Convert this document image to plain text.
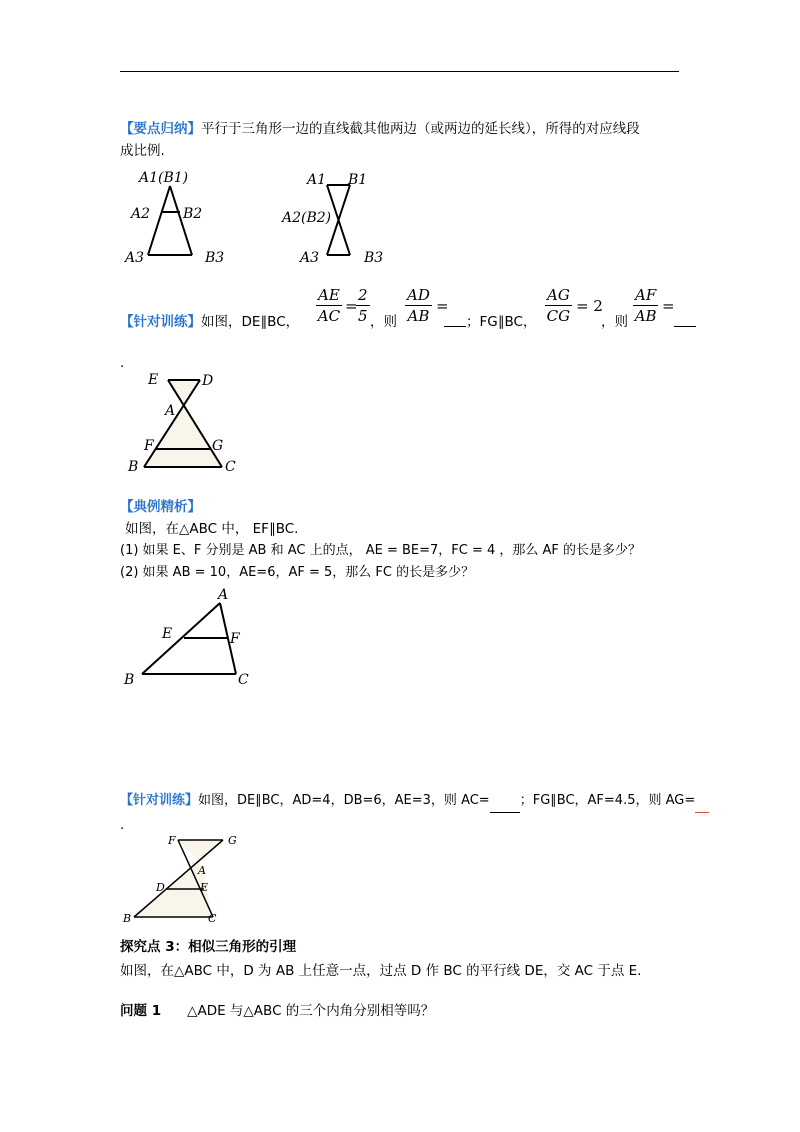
【要点归纳】平行于三角形一边的直线截其他两边（或两边的延长线），所得的对应线段
成比例.
A1(B1)
A2 B2
A3	B3
A1 B1
A2(B2)
A3	B3
【针对训练】如图，DE∥BC， $\frac{AE}{AC}$ =
$\frac{2}{5}$ ，则 $\frac{AD}{AB}$ =
；FG∥BC， $\frac{AG}{CG} = 2$
，则 $\frac{AF}{AB}$ =
.
E	D
A
F	G
B	C
【典例精析】
如图，在△ABC 中， EF∥BC.
(1) 如果 E、F 分别是 AB 和 AC 上的点， AE = BE=7，FC = 4 ，那么 AF 的长是多少？
(2) 如果 AB = 10，AE=6，AF = 5，那么 FC 的长是多少？
A
E	F
B	C
【针对训练】如图，DE∥BC，AD=4，DB=6，AE=3，则 AC= ；FG∥BC，AF=4.5，则 AG=
.
F	G
A
D	E
B	C
探究点 3：相似三角形的引理
如图，在△ABC 中，D 为 AB 上任意一点，过点 D 作 BC 的平行线 DE，交 AC 于点 E.
问题 1 △ADE 与△ABC 的三个内角分别相等吗？
